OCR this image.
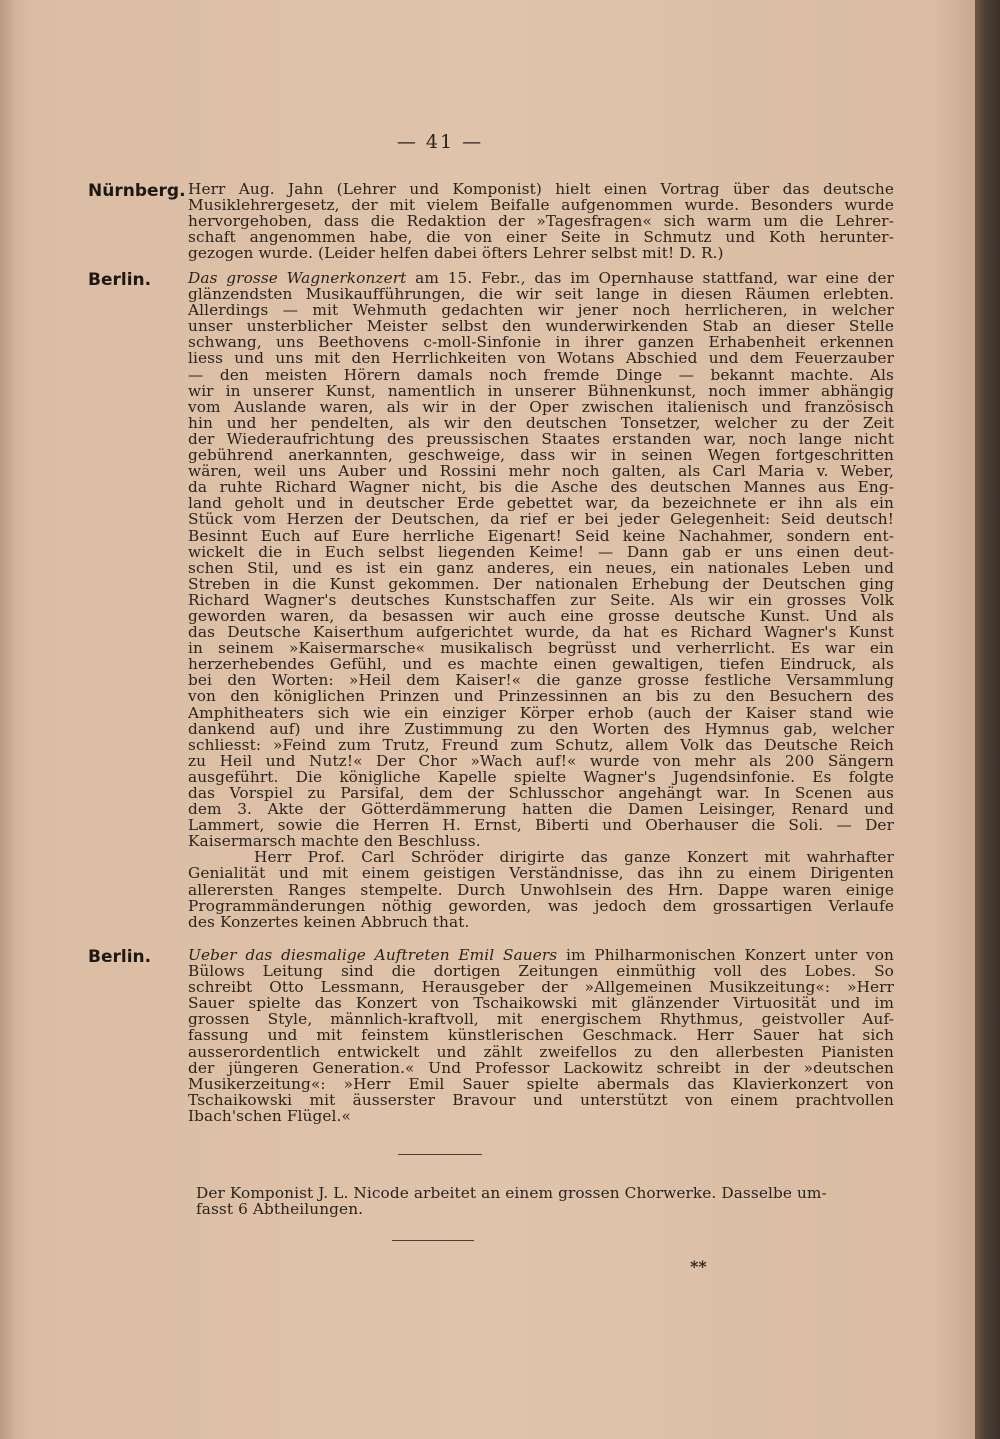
— 41 —
Nürnberg. Herr Aug. Jahn (Lehrer und Komponist) hielt einen Vortrag über das deutsche
Musiklehrergesetz, der mit vielem Beifalle aufgenommen wurde. Besonders wurde
hervorgehoben, dass die Redaktion der »Tagesfragen« sich warm um die Lehrer-
schaft angenommen habe, die von einer Seite in Schmutz und Koth herunter-
gezogen wurde. (Leider helfen dabei öfters Lehrer selbst mit! D. R.)
Berlin. Das grosse Wagnerkonzert am 15. Febr., das im Opernhause stattfand, war eine der
glänzendsten Musikaufführungen, die wir seit lange in diesen Räumen erlebten.
Allerdings — mit Wehmuth gedachten wir jener noch herrlicheren, in welcher
unser unsterblicher Meister selbst den wunderwirkenden Stab an dieser Stelle
schwang, uns Beethovens c-moll-Sinfonie in ihrer ganzen Erhabenheit erkennen
liess und uns mit den Herrlichkeiten von Wotans Abschied und dem Feuerzauber
— den meisten Hörern damals noch fremde Dinge — bekannt machte. Als
wir in unserer Kunst, namentlich in unserer Bühnenkunst, noch immer abhängig
vom Auslande waren, als wir in der Oper zwischen italienisch und französisch
hin und her pendelten, als wir den deutschen Tonsetzer, welcher zu der Zeit
der Wiederaufrichtung des preussischen Staates erstanden war, noch lange nicht
gebührend anerkannten, geschweige, dass wir in seinen Wegen fortgeschritten
wären, weil uns Auber und Rossini mehr noch galten, als Carl Maria v. Weber,
da ruhte Richard Wagner nicht, bis die Asche des deutschen Mannes aus Eng-
land geholt und in deutscher Erde gebettet war, da bezeichnete er ihn als ein
Stück vom Herzen der Deutschen, da rief er bei jeder Gelegenheit: Seid deutsch!
Besinnt Euch auf Eure herrliche Eigenart! Seid keine Nachahmer, sondern ent-
wickelt die in Euch selbst liegenden Keime! — Dann gab er uns einen deut-
schen Stil, und es ist ein ganz anderes, ein neues, ein nationales Leben und
Streben in die Kunst gekommen. Der nationalen Erhebung der Deutschen ging
Richard Wagner's deutsches Kunstschaffen zur Seite. Als wir ein grosses Volk
geworden waren, da besassen wir auch eine grosse deutsche Kunst. Und als
das Deutsche Kaiserthum aufgerichtet wurde, da hat es Richard Wagner's Kunst
in seinem »Kaisermarsche« musikalisch begrüsst und verherrlicht. Es war ein
herzerhebendes Gefühl, und es machte einen gewaltigen, tiefen Eindruck, als
bei den Worten: »Heil dem Kaiser!« die ganze grosse festliche Versammlung
von den königlichen Prinzen und Prinzessinnen an bis zu den Besuchern des
Amphitheaters sich wie ein einziger Körper erhob (auch der Kaiser stand wie
dankend auf) und ihre Zustimmung zu den Worten des Hymnus gab, welcher
schliesst: »Feind zum Trutz, Freund zum Schutz, allem Volk das Deutsche Reich
zu Heil und Nutz!« Der Chor »Wach auf!« wurde von mehr als 200 Sängern
ausgeführt. Die königliche Kapelle spielte Wagner's Jugendsinfonie. Es folgte
das Vorspiel zu Parsifal, dem der Schlusschor angehängt war. In Scenen aus
dem 3. Akte der Götterdämmerung hatten die Damen Leisinger, Renard und
Lammert, sowie die Herren H. Ernst, Biberti und Oberhauser die Soli. — Der
Kaisermarsch machte den Beschluss.
Herr Prof. Carl Schröder dirigirte das ganze Konzert mit wahrhafter
Genialität und mit einem geistigen Verständnisse, das ihn zu einem Dirigenten
allerersten Ranges stempelte. Durch Unwohlsein des Hrn. Dappe waren einige
Programmänderungen nöthig geworden, was jedoch dem grossartigen Verlaufe
des Konzertes keinen Abbruch that.
Berlin. Ueber das diesmalige Auftreten Emil Sauers im Philharmonischen Konzert unter von
Bülows Leitung sind die dortigen Zeitungen einmüthig voll des Lobes. So
schreibt Otto Lessmann, Herausgeber der »Allgemeinen Musikzeitung«: »Herr
Sauer spielte das Konzert von Tschaikowski mit glänzender Virtuosität und im
grossen Style, männlich-kraftvoll, mit energischem Rhythmus, geistvoller Auf-
fassung und mit feinstem künstlerischen Geschmack. Herr Sauer hat sich
ausserordentlich entwickelt und zählt zweifellos zu den allerbesten Pianisten
der jüngeren Generation.« Und Professor Lackowitz schreibt in der »deutschen
Musikerzeitung«: »Herr Emil Sauer spielte abermals das Klavierkonzert von
Tschaikowski mit äusserster Bravour und unterstützt von einem prachtvollen
Ibach'schen Flügel.«
Der Komponist J. L. Nicode arbeitet an einem grossen Chorwerke. Dasselbe um-
fasst 6 Abtheilungen.
**
